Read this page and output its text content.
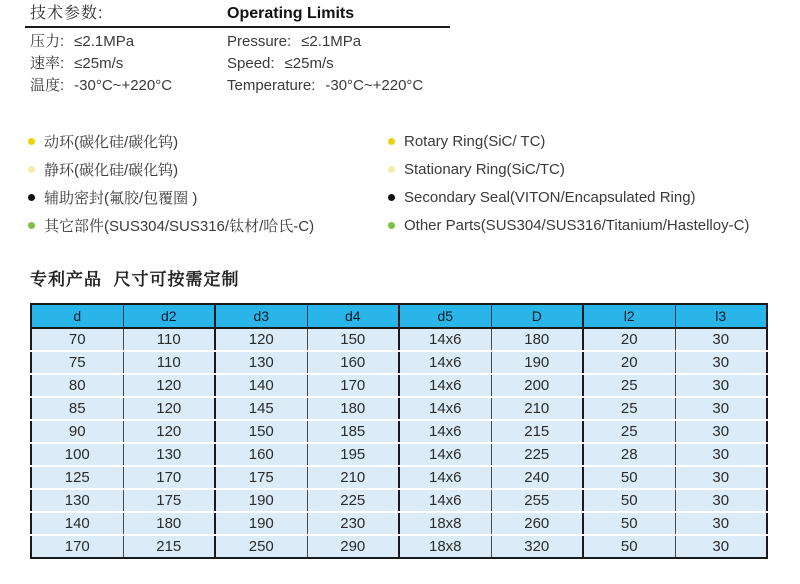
技术参数:	Operating Limits
压力: ≤2.1MPa	Pressure: ≤2.1MPa
速率: ≤25m/s	Speed: ≤25m/s
温度: -30°C~+220°C	Temperature: -30°C~+220°C
动环(碳化硅/碳化钨)	Rotary Ring(SiC/ TC)
静环(碳化硅/碳化钨)	Stationary Ring(SiC/TC)
辅助密封(氟胶/包覆圈 )	Secondary Seal(VITON/Encapsulated Ring)
其它部件(SUS304/SUS316/钛材/哈氏-C)	Other Parts(SUS304/SUS316/Titanium/Hastelloy-C)
专利产品  尺寸可按需定制
d	d2	d3	d4	d5	D	l2	l3
70	110	120	150	14x6	180	20	30
75	110	130	160	14x6	190	20	30
80	120	140	170	14x6	200	25	30
85	120	145	180	14x6	210	25	30
90	120	150	185	14x6	215	25	30
100	130	160	195	14x6	225	28	30
125	170	175	210	14x6	240	50	30
130	175	190	225	14x6	255	50	30
140	180	190	230	18x8	260	50	30
170	215	250	290	18x8	320	50	30
